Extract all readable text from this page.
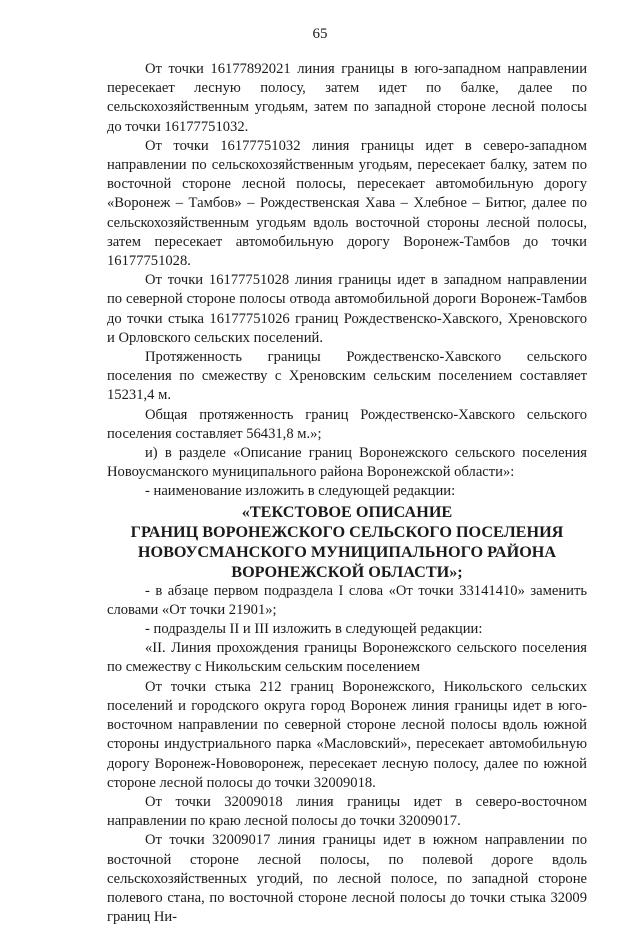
65

От точки 16177892021 линия границы в юго-западном направлении пересекает лесную полосу, затем идет по балке, далее по сельскохозяйственным угодьям, затем по западной стороне лесной полосы до точки 16177751032.

От точки 16177751032 линия границы идет в северо-западном направлении по сельскохозяйственным угодьям, пересекает балку, затем по восточной стороне лесной полосы, пересекает автомобильную дорогу «Воронеж – Тамбов» – Рождественская Хава – Хлебное – Битюг, далее по сельскохозяйственным угодьям вдоль восточной стороны лесной полосы, затем пересекает автомобильную дорогу Воронеж-Тамбов до точки 16177751028.

От точки 16177751028 линия границы идет в западном направлении по северной стороне полосы отвода автомобильной дороги Воронеж-Тамбов до точки стыка 16177751026 границ Рождественско-Хавского, Хреновского и Орловского сельских поселений.

Протяженность границы Рождественско-Хавского сельского поселения по смежеству с Хреновским сельским поселением составляет 15231,4 м.

Общая протяженность границ Рождественско-Хавского сельского поселения составляет 56431,8 м.»;

и) в разделе «Описание границ Воронежского сельского поселения Новоусманского муниципального района Воронежской области»:

- наименование изложить в следующей редакции:

«ТЕКСТОВОЕ ОПИСАНИЕ
ГРАНИЦ ВОРОНЕЖСКОГО СЕЛЬСКОГО ПОСЕЛЕНИЯ
НОВОУСМАНСКОГО МУНИЦИПАЛЬНОГО РАЙОНА
ВОРОНЕЖСКОЙ ОБЛАСТИ»;

- в абзаце первом подраздела I слова «От точки 33141410» заменить словами «От точки 21901»;

- подразделы II и III изложить в следующей редакции:

«II. Линия прохождения границы Воронежского сельского поселения по смежеству с Никольским сельским поселением

От точки стыка 212 границ Воронежского, Никольского сельских поселений и городского округа город Воронеж линия границы идет в юго-восточном направлении по северной стороне лесной полосы вдоль южной стороны индустриального парка «Масловский», пересекает автомобильную дорогу Воронеж-Нововоронеж, пересекает лесную полосу, далее по южной стороне лесной полосы до точки 32009018.

От точки 32009018 линия границы идет в северо-восточном направлении по краю лесной полосы до точки 32009017.

От точки 32009017 линия границы идет в южном направлении по восточной стороне лесной полосы, по полевой дороге вдоль сельскохозяйственных угодий, по лесной полосе, по западной стороне полевого стана, по восточной стороне лесной полосы до точки стыка 32009 границ Ни-
